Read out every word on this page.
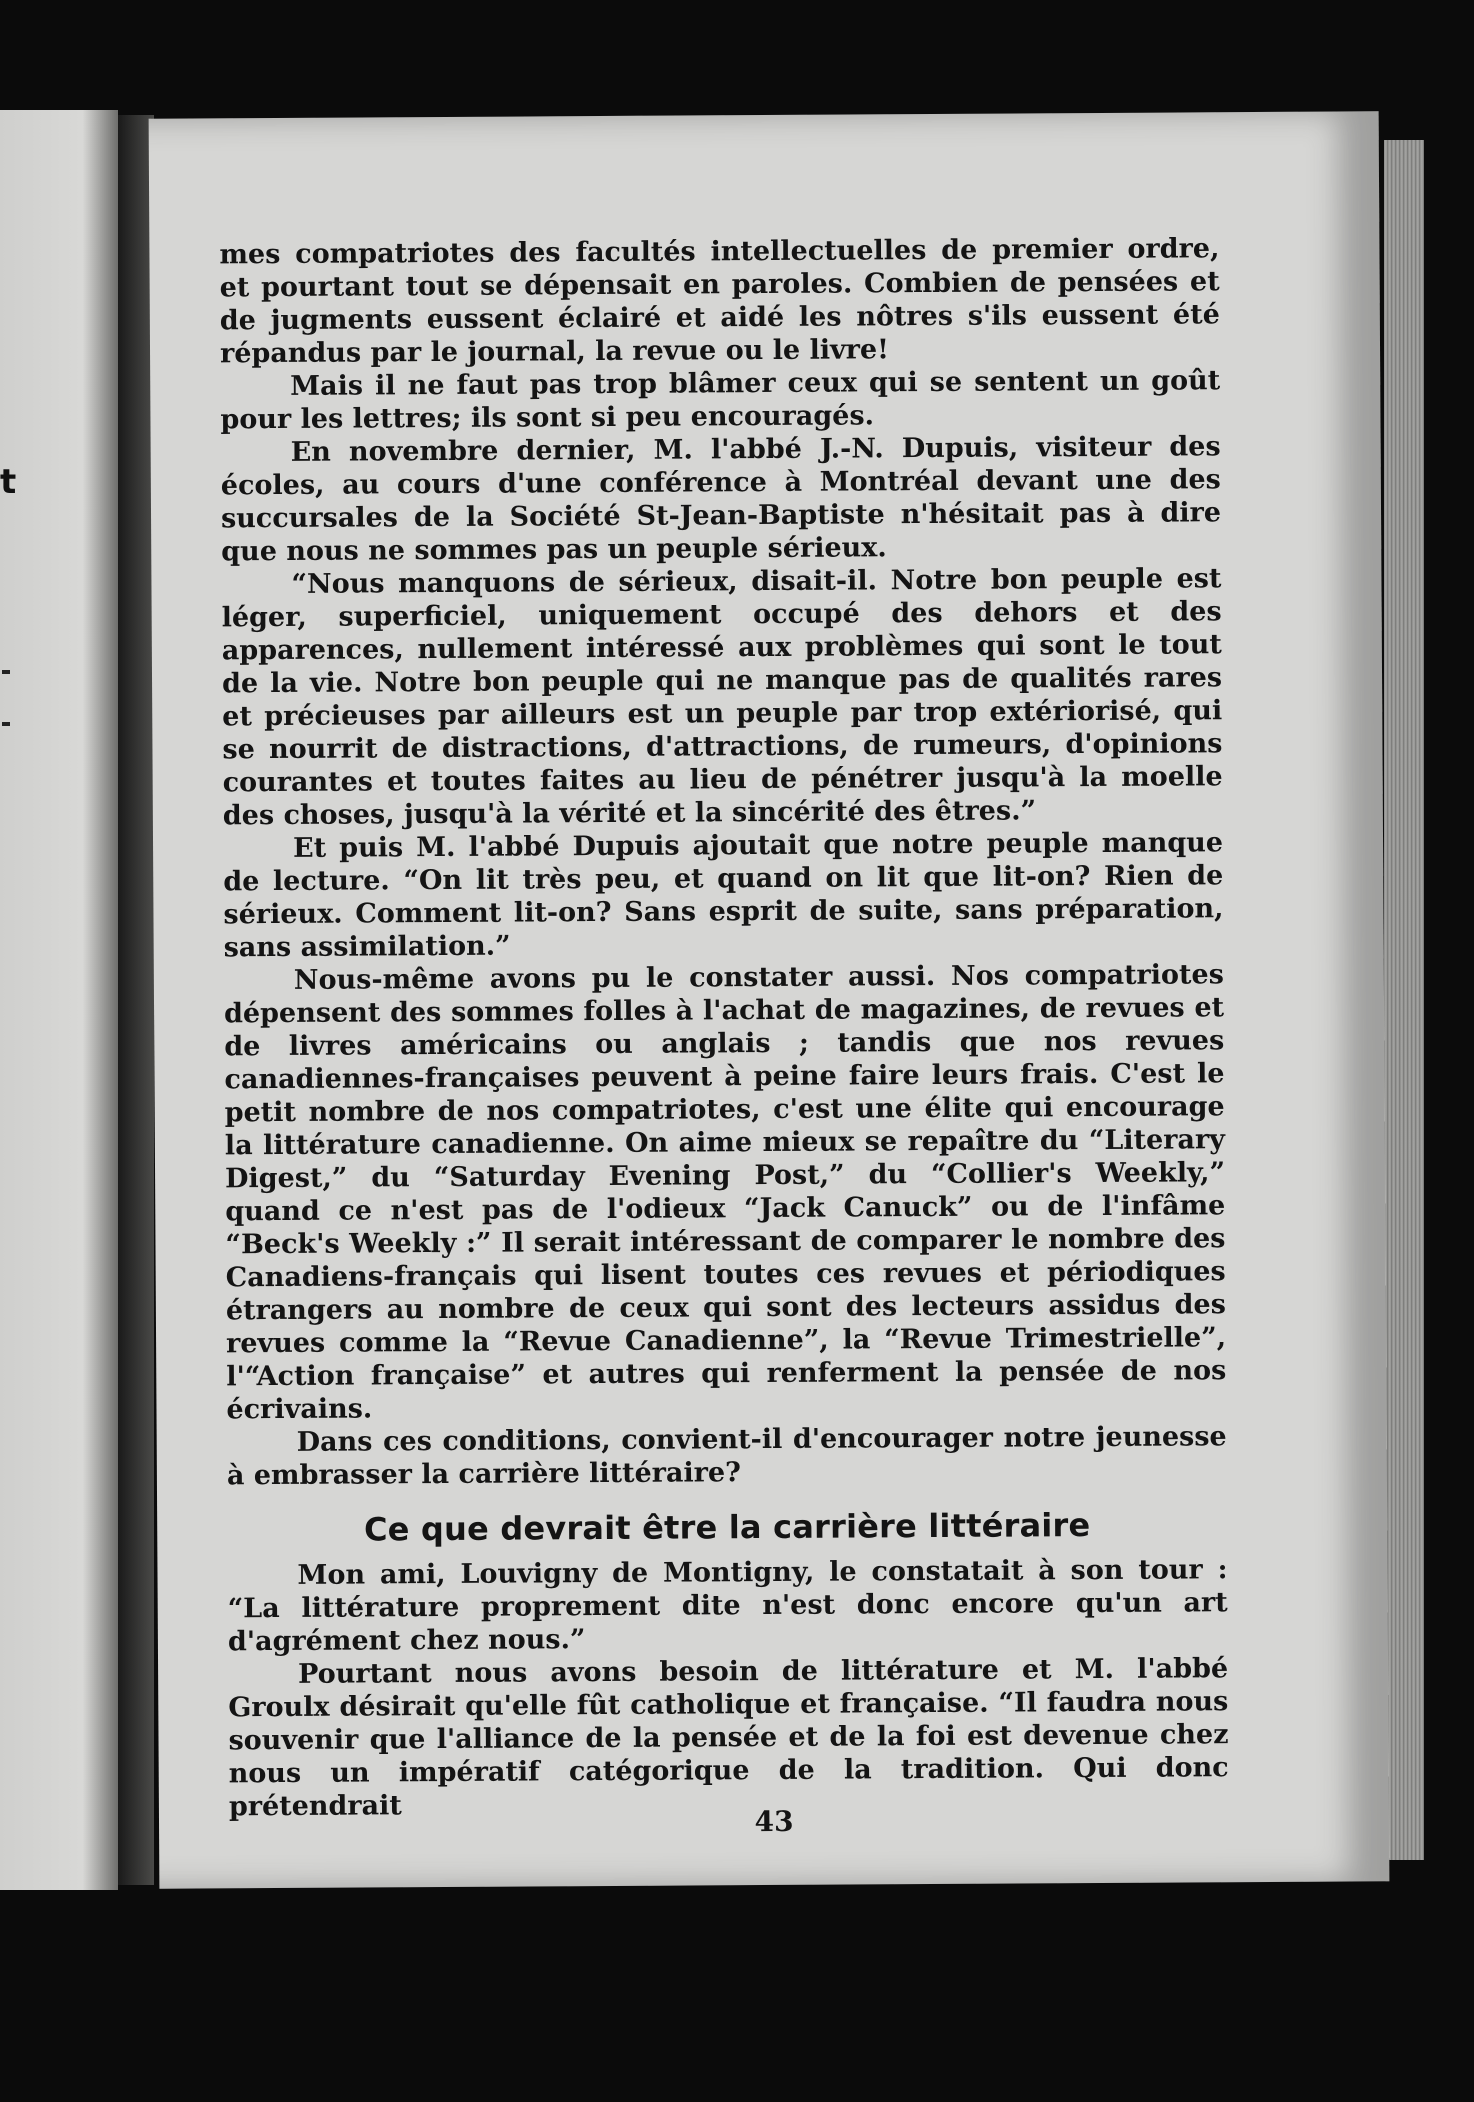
t

mes compatriotes des facultés intellectuelles de premier ordre, et pourtant tout se dépensait en paroles. Combien de pensées et de jugments eussent éclairé et aidé les nôtres s'ils eussent été répandus par le journal, la revue ou le livre!

Mais il ne faut pas trop blâmer ceux qui se sentent un goût pour les lettres; ils sont si peu encouragés.

En novembre dernier, M. l'abbé J.-N. Dupuis, visiteur des écoles, au cours d'une conférence à Montréal devant une des succursales de la Société St-Jean-Baptiste n'hésitait pas à dire que nous ne sommes pas un peuple sérieux.

“Nous manquons de sérieux, disait-il. Notre bon peuple est léger, superficiel, uniquement occupé des dehors et des apparences, nullement intéressé aux problèmes qui sont le tout de la vie. Notre bon peuple qui ne manque pas de qualités rares et précieuses par ailleurs est un peuple par trop extériorisé, qui se nourrit de distractions, d'attractions, de rumeurs, d'opinions courantes et toutes faites au lieu de pénétrer jusqu'à la moelle des choses, jusqu'à la vérité et la sincérité des êtres.”

Et puis M. l'abbé Dupuis ajoutait que notre peuple manque de lecture. “On lit très peu, et quand on lit que lit-on? Rien de sérieux. Comment lit-on? Sans esprit de suite, sans préparation, sans assimilation.”

Nous-même avons pu le constater aussi. Nos compatriotes dépensent des sommes folles à l'achat de magazines, de revues et de livres américains ou anglais ; tandis que nos revues canadiennes-françaises peuvent à peine faire leurs frais. C'est le petit nombre de nos compatriotes, c'est une élite qui encourage la littérature canadienne. On aime mieux se repaître du “Literary Digest,” du “Saturday Evening Post,” du “Collier's Weekly,” quand ce n'est pas de l'odieux “Jack Canuck” ou de l'infâme “Beck's Weekly :” Il serait intéressant de comparer le nombre des Canadiens-français qui lisent toutes ces revues et périodiques étrangers au nombre de ceux qui sont des lecteurs assidus des revues comme la “Revue Canadienne”, la “Revue Trimestrielle”, l'“Action française” et autres qui renferment la pensée de nos écrivains.

Dans ces conditions, convient-il d'encourager notre jeunesse à embrasser la carrière littéraire?

Ce que devrait être la carrière littéraire

Mon ami, Louvigny de Montigny, le constatait à son tour : “La littérature proprement dite n'est donc encore qu'un art d'agrément chez nous.”

Pourtant nous avons besoin de littérature et M. l'abbé Groulx désirait qu'elle fût catholique et française. “Il faudra nous souvenir que l'alliance de la pensée et de la foi est devenue chez nous un impératif catégorique de la tradition. Qui donc prétendrait	43
